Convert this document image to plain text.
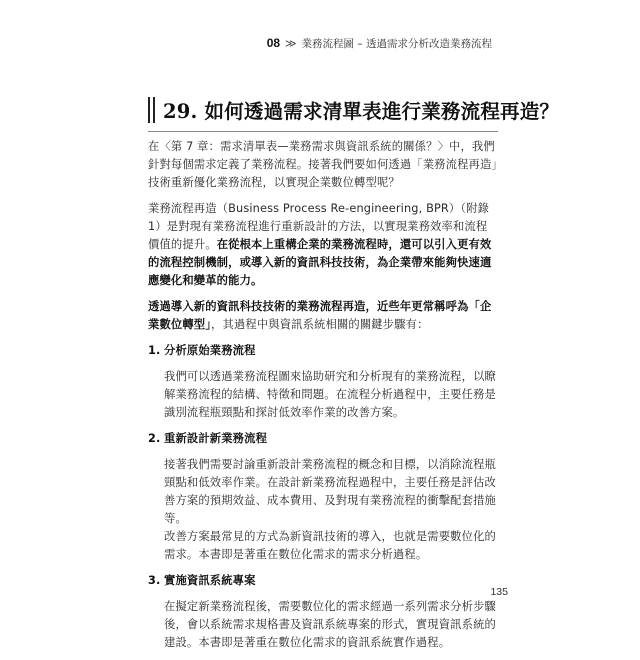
08 ≫ 業務流程圖 – 透過需求分析改造業務流程
29. 如何透過需求清單表進行業務流程再造？

在〈第 7 章：需求清單表—業務需求與資訊系統的關係？〉中，我們針對每個需求定義了業務流程。接著我們要如何透過「業務流程再造」技術重新優化業務流程，以實現企業數位轉型呢？

業務流程再造（Business Process Re-engineering, BPR）（附錄 1）是對現有業務流程進行重新設計的方法，以實現業務效率和流程價值的提升。在從根本上重構企業的業務流程時，還可以引入更有效的流程控制機制，或導入新的資訊科技技術，為企業帶來能夠快速適應變化和變革的能力。

透過導入新的資訊科技技術的業務流程再造，近些年更常稱呼為「企業數位轉型」，其過程中與資訊系統相關的關鍵步驟有：

1. 分析原始業務流程

我們可以透過業務流程圖來協助研究和分析現有的業務流程，以瞭解業務流程的結構、特徵和問題。在流程分析過程中，主要任務是識別流程瓶頸點和探討低效率作業的改善方案。

2. 重新設計新業務流程

接著我們需要討論重新設計業務流程的概念和目標，以消除流程瓶頸點和低效率作業。在設計新業務流程過程中，主要任務是評估改善方案的預期效益、成本費用、及對現有業務流程的衝擊配套措施等。

改善方案最常見的方式為新資訊技術的導入，也就是需要數位化的需求。本書即是著重在數位化需求的需求分析過程。

3. 實施資訊系統專案

在擬定新業務流程後，需要數位化的需求經過一系列需求分析步驟後，會以系統需求規格書及資訊系統專案的形式，實現資訊系統的建設。本書即是著重在數位化需求的資訊系統實作過程。

135
